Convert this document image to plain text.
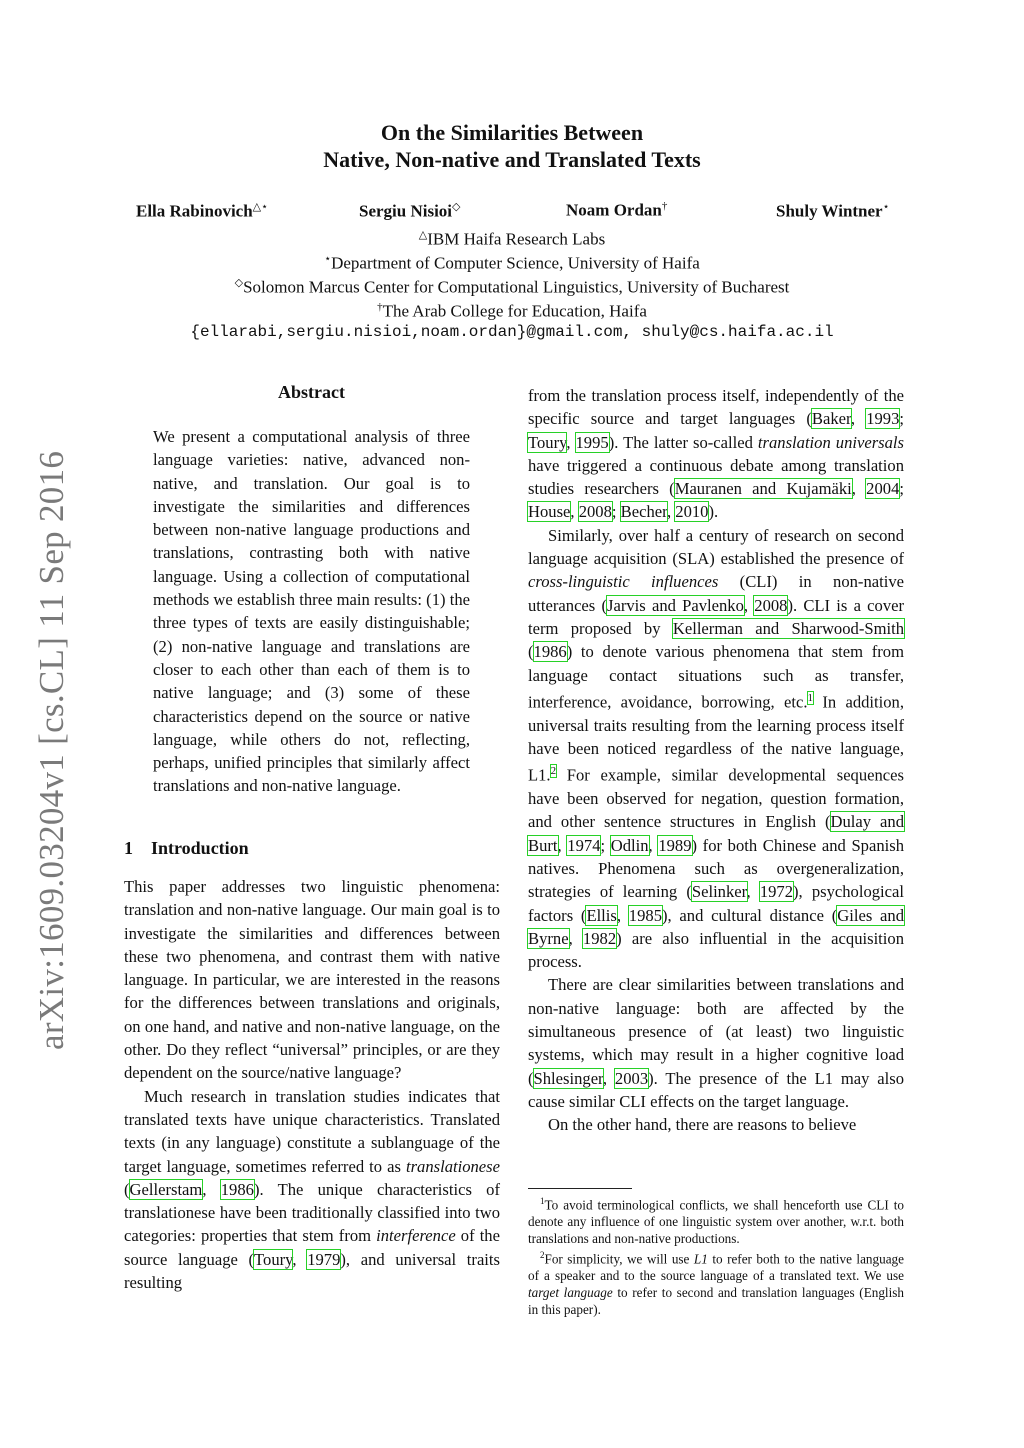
arXiv:1609.03204v1 [cs.CL] 11 Sep 2016
On the Similarities Between
Native, Non-native and Translated Texts
Ella Rabinovich△⋆	Sergiu Nisioi◇	Noam Ordan†	Shuly Wintner⋆
△IBM Haifa Research Labs
⋆Department of Computer Science, University of Haifa
◇Solomon Marcus Center for Computational Linguistics, University of Bucharest
†The Arab College for Education, Haifa
{ellarabi,sergiu.nisioi,noam.ordan}@gmail.com, shuly@cs.haifa.ac.il
Abstract

We present a computational analysis of three language varieties: native, advanced non-native, and translation. Our goal is to investigate the similarities and differences between non-native language productions and translations, contrasting both with native language. Using a collection of computational methods we establish three main results: (1) the three types of texts are easily distinguishable; (2) non-native language and translations are closer to each other than each of them is to native language; and (3) some of these characteristics depend on the source or native language, while others do not, reflecting, perhaps, unified principles that similarly affect translations and non-native language.

1 Introduction

This paper addresses two linguistic phenomena: translation and non-native language. Our main goal is to investigate the similarities and differences between these two phenomena, and contrast them with native language. In particular, we are interested in the reasons for the differences between translations and originals, on one hand, and native and non-native language, on the other. Do they reflect “universal” principles, or are they dependent on the source/native language?

Much research in translation studies indicates that translated texts have unique characteristics. Translated texts (in any language) constitute a sublanguage of the target language, sometimes referred to as translationese (Gellerstam, 1986). The unique characteristics of translationese have been traditionally classified into two categories: properties that stem from interference of the source language (Toury, 1979), and universal traits resulting

from the translation process itself, independently of the specific source and target languages (Baker, 1993; Toury, 1995). The latter so-called translation universals have triggered a continuous debate among translation studies researchers (Mauranen and Kujamäki, 2004; House, 2008; Becher, 2010).

Similarly, over half a century of research on second language acquisition (SLA) established the presence of cross-linguistic influences (CLI) in non-native utterances (Jarvis and Pavlenko, 2008). CLI is a cover term proposed by Kellerman and Sharwood-Smith (1986) to denote various phenomena that stem from language contact situations such as transfer, interference, avoidance, borrowing, etc.$^1$ In addition, universal traits resulting from the learning process itself have been noticed regardless of the native language, L1.$^2$ For example, similar developmental sequences have been observed for negation, question formation, and other sentence structures in English (Dulay and Burt, 1974; Odlin, 1989) for both Chinese and Spanish natives. Phenomena such as overgeneralization, strategies of learning (Selinker, 1972), psychological factors (Ellis, 1985), and cultural distance (Giles and Byrne, 1982) are also influential in the acquisition process.

There are clear similarities between translations and non-native language: both are affected by the simultaneous presence of (at least) two linguistic systems, which may result in a higher cognitive load (Shlesinger, 2003). The presence of the L1 may also cause similar CLI effects on the target language.

On the other hand, there are reasons to believe

$^1$To avoid terminological conflicts, we shall henceforth use CLI to denote any influence of one linguistic system over another, w.r.t. both translations and non-native productions.
$^2$For simplicity, we will use L1 to refer both to the native language of a speaker and to the source language of a translated text. We use target language to refer to second and translation languages (English in this paper).
